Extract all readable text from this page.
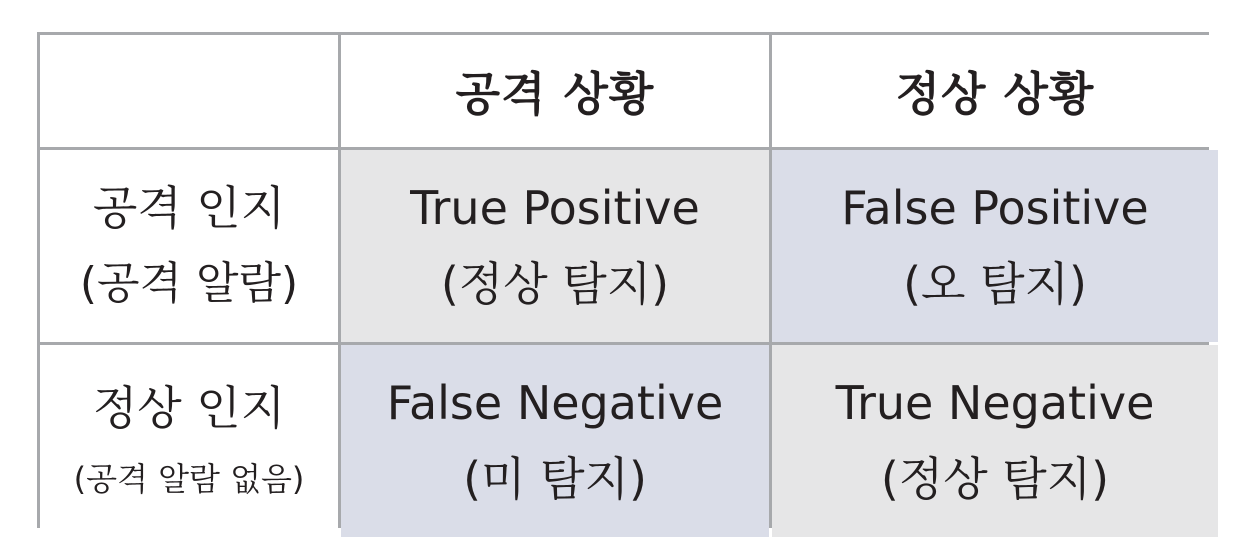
공격 상황	정상 상황
공격 인지
(공격 알람)
True Positive
(정상 탐지)
False Positive
(오 탐지)
정상 인지
(공격 알람 없음)
False Negative
(미 탐지)
True Negative
(정상 탐지)
